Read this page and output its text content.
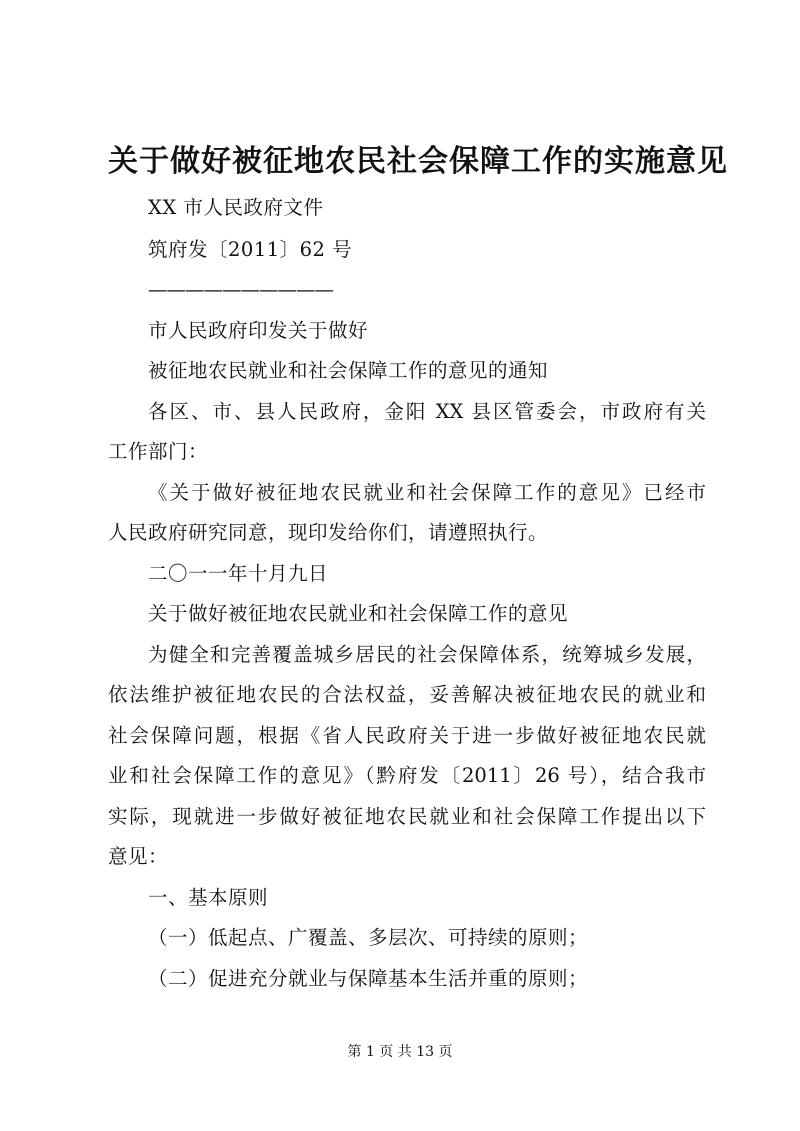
关于做好被征地农民社会保障工作的实施意见
XX 市人民政府文件
筑府发〔2011〕62 号
——————————
市人民政府印发关于做好
被征地农民就业和社会保障工作的意见的通知
各区、市、县人民政府，金阳 XX 县区管委会，市政府有关
工作部门：
《关于做好被征地农民就业和社会保障工作的意见》已经市
人民政府研究同意，现印发给你们，请遵照执行。
二〇一一年十月九日
关于做好被征地农民就业和社会保障工作的意见
为健全和完善覆盖城乡居民的社会保障体系，统筹城乡发展，
依法维护被征地农民的合法权益，妥善解决被征地农民的就业和
社会保障问题，根据《省人民政府关于进一步做好被征地农民就
业和社会保障工作的意见》（黔府发〔2011〕26 号），结合我市
实际，现就进一步做好被征地农民就业和社会保障工作提出以下
意见：
一、基本原则
（一）低起点、广覆盖、多层次、可持续的原则；
（二）促进充分就业与保障基本生活并重的原则；
第 1 页 共 13 页
